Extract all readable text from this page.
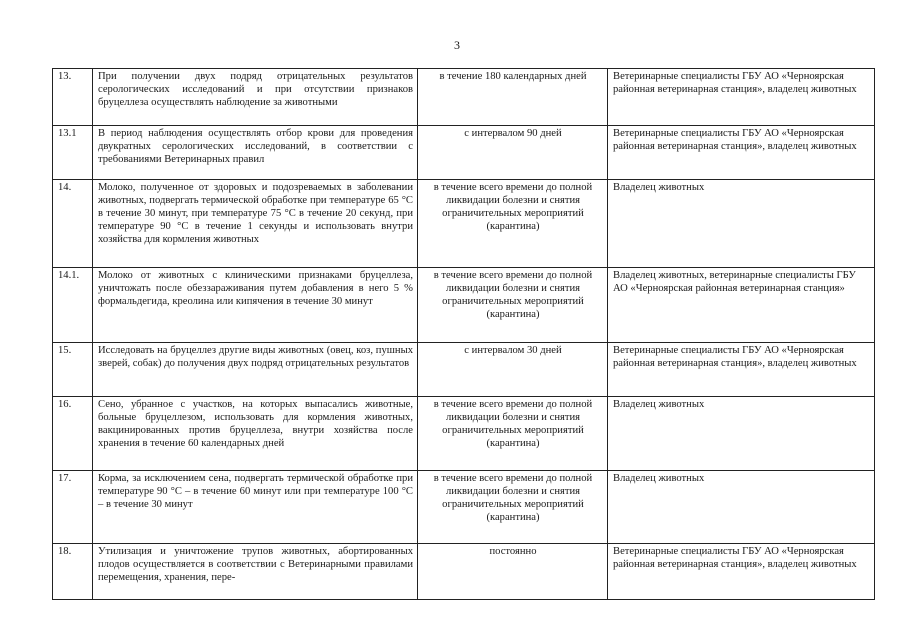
3
13.	При получении двух подряд отрицательных результатов серологических исследований и при отсутствии признаков бруцеллеза осуществлять наблюдение за животными	в течение 180 календарных дней	Ветеринарные специалисты ГБУ АО «Черноярская районная ветеринарная станция», владелец животных
13.1	В период наблюдения осуществлять отбор крови для проведения двукратных серологических исследований, в соответствии с требованиями Ветеринарных правил	с интервалом 90 дней	Ветеринарные специалисты ГБУ АО «Черноярская районная ветеринарная станция», владелец животных
14.	Молоко, полученное от здоровых и подозреваемых в заболевании животных, подвергать термической обработке при температуре 65 °С в течение 30 минут, при температуре 75 °С в течение 20 секунд, при температуре 90 °С в течение 1 секунды и использовать внутри хозяйства для кормления животных	в течение всего времени до полной ликвидации болезни и снятия ограничительных мероприятий (карантина)	Владелец животных
14.1.	Молоко от животных с клиническими признаками бруцеллеза, уничтожать после обеззараживания путем добавления в него 5 % формальдегида, креолина или кипячения в течение 30 минут	в течение всего времени до полной ликвидации болезни и снятия ограничительных мероприятий (карантина)	Владелец животных, ветеринарные специалисты ГБУ АО «Черноярская районная ветеринарная станция»
15.	Исследовать на бруцеллез другие виды животных (овец, коз, пушных зверей, собак) до получения двух подряд отрицательных результатов	с интервалом 30 дней	Ветеринарные специалисты ГБУ АО «Черноярская районная ветеринарная станция», владелец животных
16.	Сено, убранное с участков, на которых выпасались животные, больные бруцеллезом, использовать для кормления животных, вакцинированных против бруцеллеза, внутри хозяйства после хранения в течение 60 календарных дней	в течение всего времени до полной ликвидации болезни и снятия ограничительных мероприятий (карантина)	Владелец животных
17.	Корма, за исключением сена, подвергать термической обработке при температуре 90 °С – в течение 60 минут или при температуре 100 °С – в течение 30 минут	в течение всего времени до полной ликвидации болезни и снятия ограничительных мероприятий (карантина)	Владелец животных
18.	Утилизация и уничтожение трупов животных, абортированных плодов осуществляется в соответствии с Ветеринарными правилами перемещения, хранения, пере-	постоянно	Ветеринарные специалисты ГБУ АО «Черноярская районная ветеринарная станция», владелец животных
